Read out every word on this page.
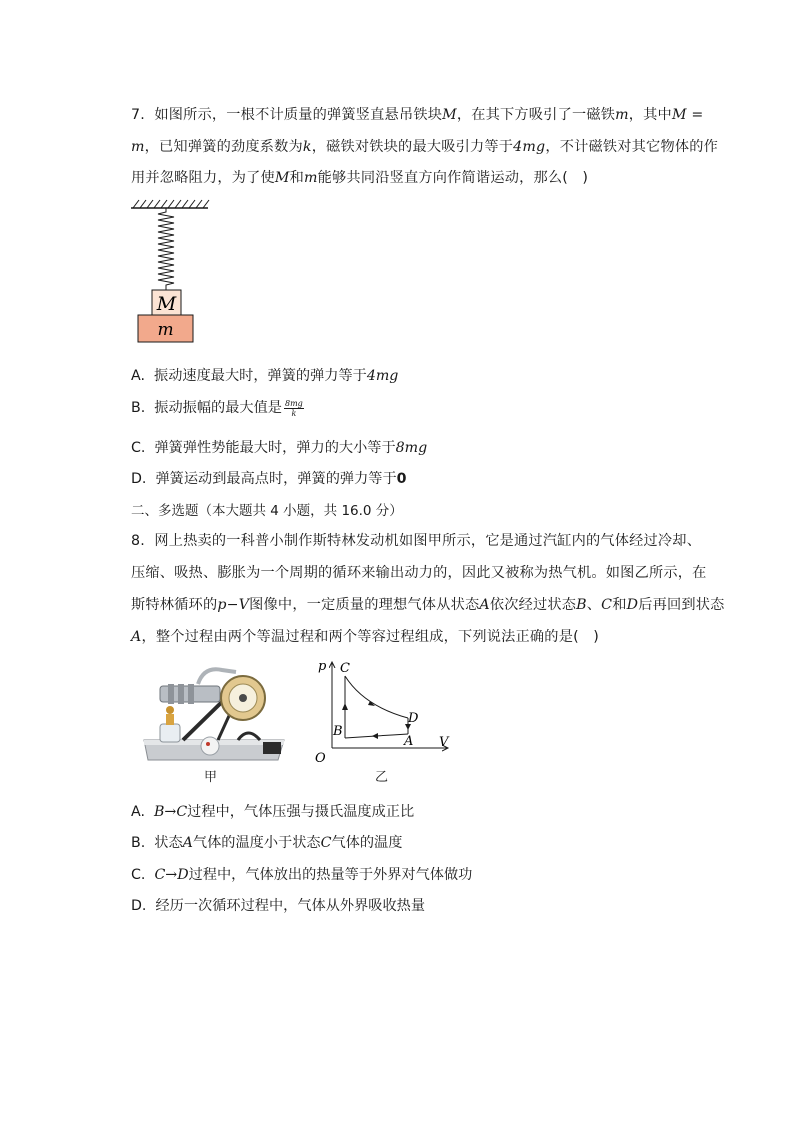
7. 如图所示，一根不计质量的弹簧竖直悬吊铁块M，在其下方吸引了一磁铁m，其中M =
m，已知弹簧的劲度系数为k，磁铁对铁块的最大吸引力等于4mg，不计磁铁对其它物体的作
用并忽略阻力，为了使M和m能够共同沿竖直方向作简谐运动，那么(　)
M
m
A. 振动速度最大时，弹簧的弹力等于4mg
B. 振动振幅的最大值是 $\frac{8mg}{k}$
C. 弹簧弹性势能最大时，弹力的大小等于8mg
D. 弹簧运动到最高点时，弹簧的弹力等于0
二、多选题（本大题共 4 小题，共 16.0 分）
8. 网上热卖的一科普小制作斯特林发动机如图甲所示，它是通过汽缸内的气体经过冷却、
压缩、吸热、膨胀为一个周期的循环来输出动力的，因此又被称为热气机。如图乙所示，在
斯特林循环的p−V图像中，一定质量的理想气体从状态A依次经过状态B、C和D后再回到状态
A，整个过程由两个等温过程和两个等容过程组成，下列说法正确的是(　)
甲
p
V
O
C
B
D
A
乙
A. B→C过程中，气体压强与摄氏温度成正比
B. 状态A气体的温度小于状态C气体的温度
C. C→D过程中，气体放出的热量等于外界对气体做功
D. 经历一次循环过程中，气体从外界吸收热量
